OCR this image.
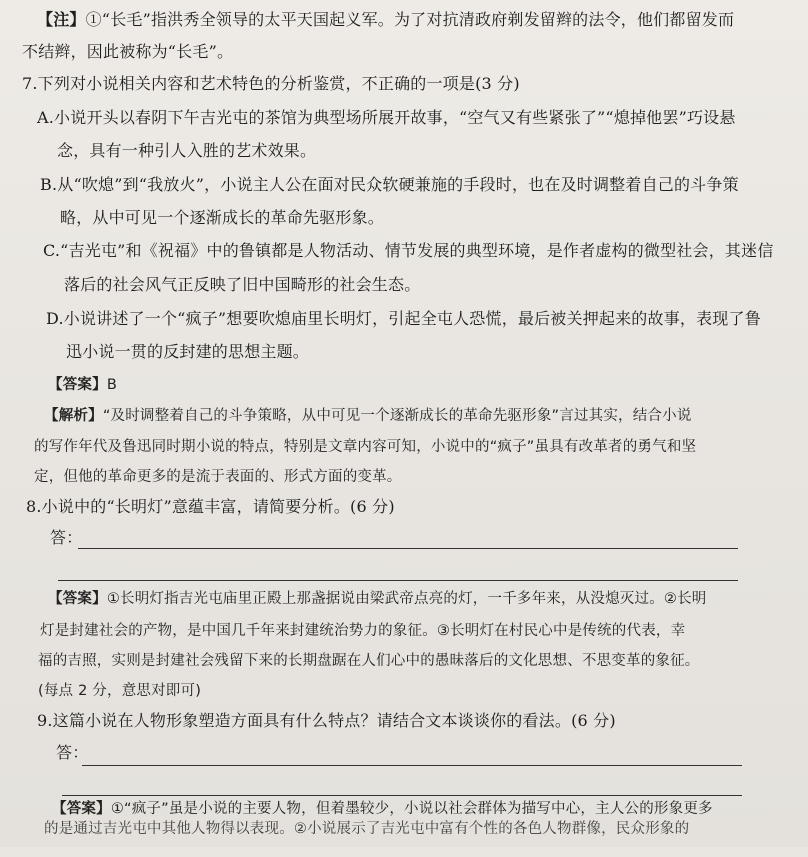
【注】①“长毛”指洪秀全领导的太平天国起义军。为了对抗清政府剃发留辫的法令，他们都留发而
不结辫，因此被称为“长毛”。
7.下列对小说相关内容和艺术特色的分析鉴赏，不正确的一项是(3 分)
A.小说开头以春阴下午吉光屯的茶馆为典型场所展开故事，“空气又有些紧张了”“熄掉他罢”巧设悬
念，具有一种引人入胜的艺术效果。
B.从“吹熄”到“我放火”，小说主人公在面对民众软硬兼施的手段时，也在及时调整着自己的斗争策
略，从中可见一个逐渐成长的革命先驱形象。
C.“吉光屯”和《祝福》中的鲁镇都是人物活动、情节发展的典型环境，是作者虚构的微型社会，其迷信
落后的社会风气正反映了旧中国畸形的社会生态。
D.小说讲述了一个“疯子”想要吹熄庙里长明灯，引起全屯人恐慌，最后被关押起来的故事，表现了鲁
迅小说一贯的反封建的思想主题。
【答案】B
【解析】“及时调整着自己的斗争策略，从中可见一个逐渐成长的革命先驱形象”言过其实，结合小说
的写作年代及鲁迅同时期小说的特点，特别是文章内容可知，小说中的“疯子”虽具有改革者的勇气和坚
定，但他的革命更多的是流于表面的、形式方面的变革。
8.小说中的“长明灯”意蕴丰富，请简要分析。(6 分)
答：
【答案】①长明灯指吉光屯庙里正殿上那盏据说由梁武帝点亮的灯，一千多年来，从没熄灭过。②长明
灯是封建社会的产物，是中国几千年来封建统治势力的象征。③长明灯在村民心中是传统的代表，幸
福的吉照，实则是封建社会残留下来的长期盘踞在人们心中的愚昧落后的文化思想、不思变革的象征。
(每点 2 分，意思对即可)
9.这篇小说在人物形象塑造方面具有什么特点？请结合文本谈谈你的看法。(6 分)
答：
【答案】①“疯子”虽是小说的主要人物，但着墨较少，小说以社会群体为描写中心，主人公的形象更多
的是通过吉光屯中其他人物得以表现。②小说展示了吉光屯中富有个性的各色人物群像，民众形象的
